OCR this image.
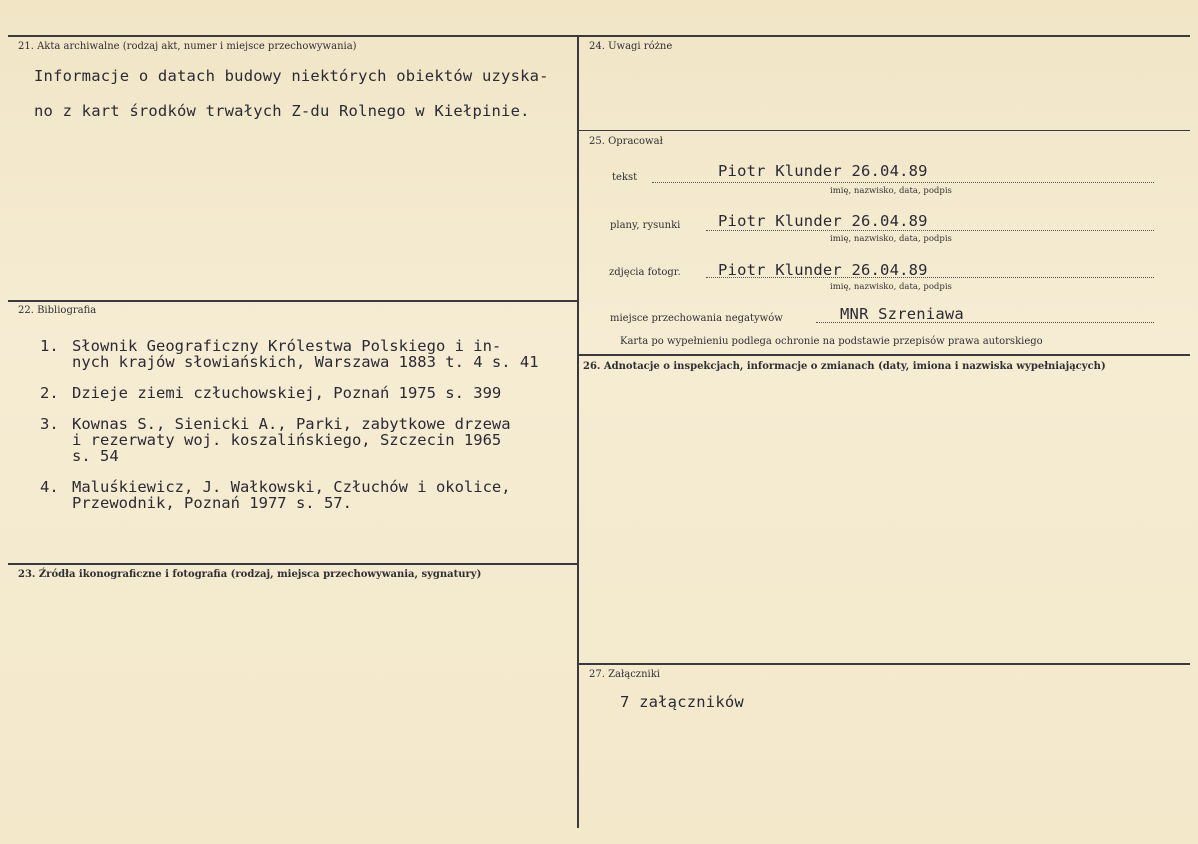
21. Akta archiwalne (rodzaj akt, numer i miejsce przechowywania)
Informacje o datach budowy niektórych obiektów uzyska-
no z kart środków trwałych Z-du Rolnego w Kiełpinie.
22. Bibliografia
1. Słownik Geograficzny Królestwa Polskiego i in-
nych krajów słowiańskich, Warszawa 1883 t. 4 s. 41
2. Dzieje ziemi człuchowskiej, Poznań 1975 s. 399
3. Kownas S., Sienicki A., Parki, zabytkowe drzewa
i rezerwaty woj. koszalińskiego, Szczecin 1965
s. 54
4. Maluśkiewicz, J. Wałkowski, Człuchów i okolice,
Przewodnik, Poznań 1977 s. 57.
23. Źródła ikonograficzne i fotografia (rodzaj, miejsca przechowywania, sygnatury)
24. Uwagi różne
25. Opracował
tekst	Piotr Klunder 26.04.89
imię, nazwisko, data, podpis
plany, rysunki Piotr Klunder 26.04.89
imię, nazwisko, data, podpis
zdjęcia fotogr. Piotr Klunder 26.04.89
imię, nazwisko, data, podpis
miejsce przechowania negatywów	MNR Szreniawa
Karta po wypełnieniu podlega ochronie na podstawie przepisów prawa autorskiego
26. Adnotacje o inspekcjach, informacje o zmianach (daty, imiona i nazwiska wypełniających)
27. Załączniki
7 załączników
